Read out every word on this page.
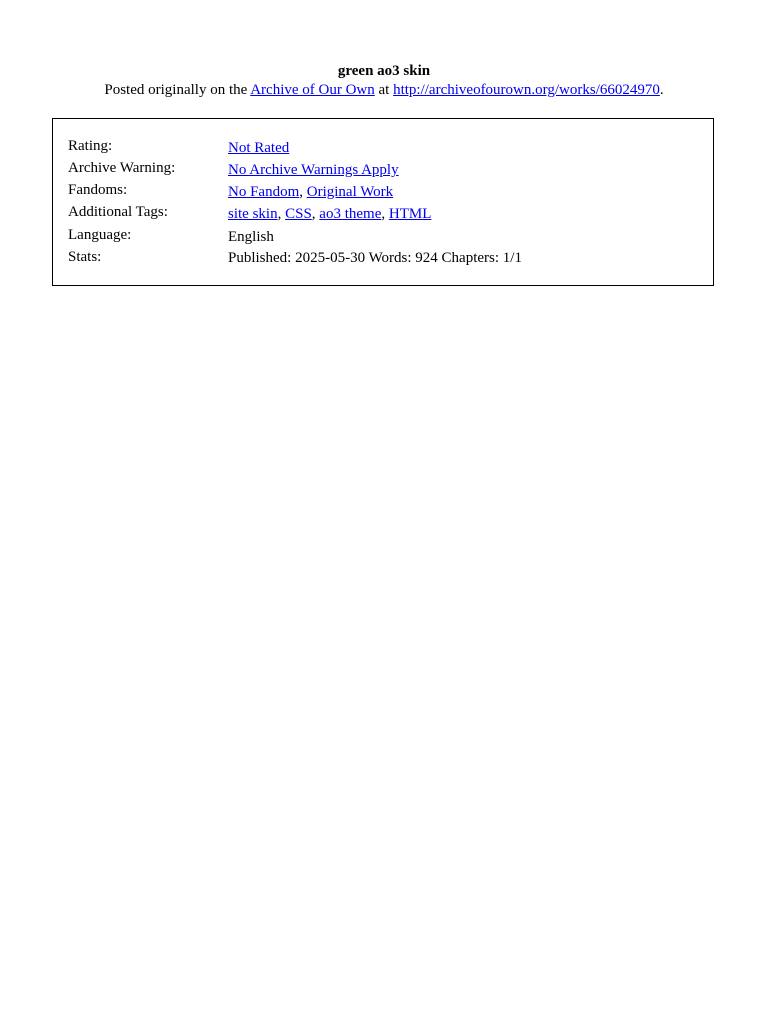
green ao3 skin

Posted originally on the Archive of Our Own at http://archiveofourown.org/works/66024970.

Rating:	Not Rated
Archive Warning:	No Archive Warnings Apply
Fandoms:	No Fandom, Original Work
Additional Tags:	site skin, CSS, ao3 theme, HTML
Language:	English
Stats:	Published: 2025-05-30 Words: 924 Chapters: 1/1
